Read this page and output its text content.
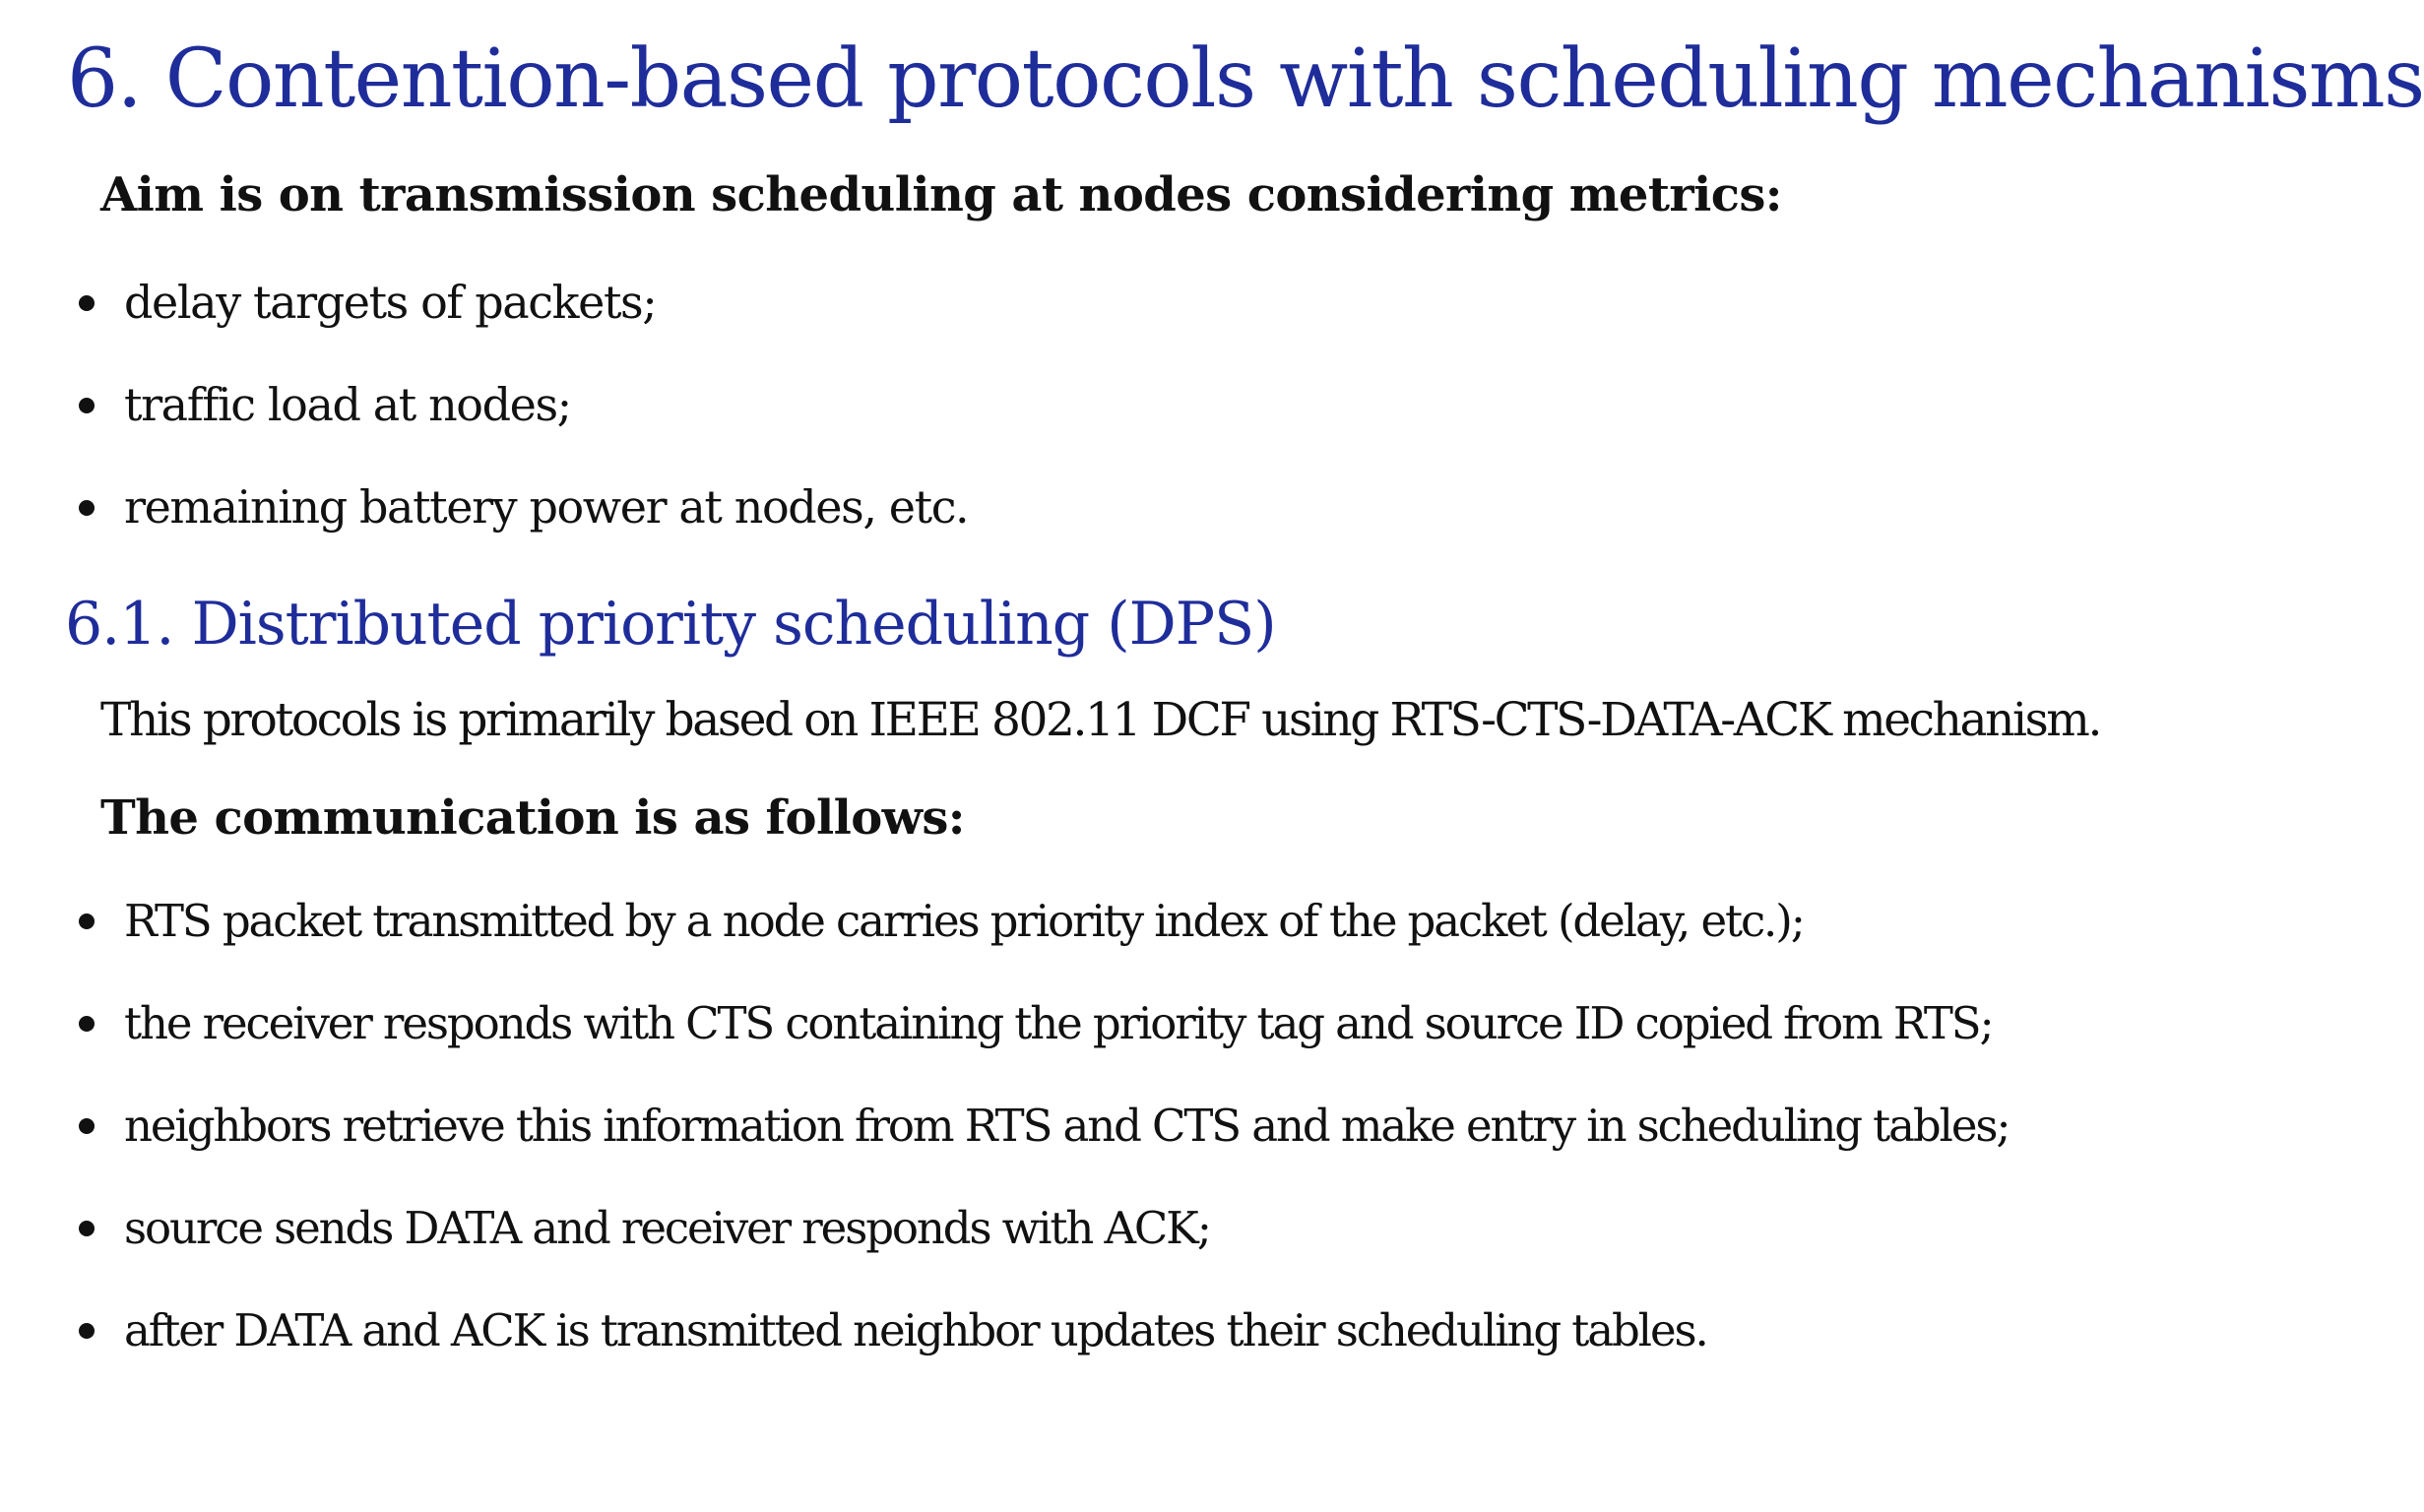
6. Contention-based protocols with scheduling mechanisms

Aim is on transmission scheduling at nodes considering metrics:

delay targets of packets;
traffic load at nodes;
remaining battery power at nodes, etc.
6.1. Distributed priority scheduling (DPS)

This protocols is primarily based on IEEE 802.11 DCF using RTS-CTS-DATA-ACK mechanism.

The communication is as follows:

RTS packet transmitted by a node carries priority index of the packet (delay, etc.);
the receiver responds with CTS containing the priority tag and source ID copied from RTS;
neighbors retrieve this information from RTS and CTS and make entry in scheduling tables;
source sends DATA and receiver responds with ACK;
after DATA and ACK is transmitted neighbor updates their scheduling tables.
